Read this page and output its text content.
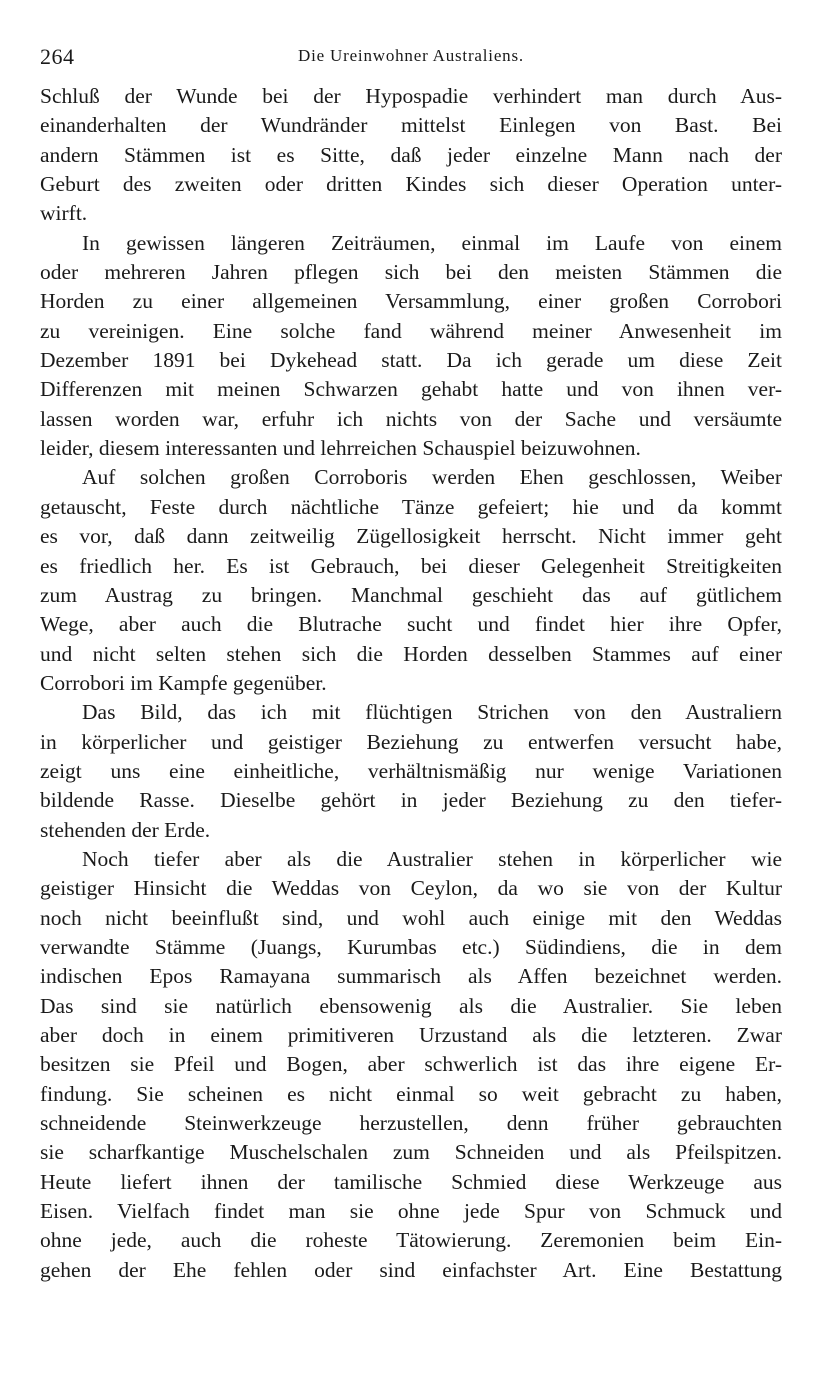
264	Die Ureinwohner Australiens.
Schluß der Wunde bei der Hypospadie verhindert man durch Aus-
einanderhalten der Wundränder mittelst Einlegen von Bast. Bei
andern Stämmen ist es Sitte, daß jeder einzelne Mann nach der
Geburt des zweiten oder dritten Kindes sich dieser Operation unter-
wirft.
In gewissen längeren Zeiträumen, einmal im Laufe von einem
oder mehreren Jahren pflegen sich bei den meisten Stämmen die
Horden zu einer allgemeinen Versammlung, einer großen Corrobori
zu vereinigen. Eine solche fand während meiner Anwesenheit im
Dezember 1891 bei Dykehead statt. Da ich gerade um diese Zeit
Differenzen mit meinen Schwarzen gehabt hatte und von ihnen ver-
lassen worden war, erfuhr ich nichts von der Sache und versäumte
leider, diesem interessanten und lehrreichen Schauspiel beizuwohnen.
Auf solchen großen Corroboris werden Ehen geschlossen, Weiber
getauscht, Feste durch nächtliche Tänze gefeiert; hie und da kommt
es vor, daß dann zeitweilig Zügellosigkeit herrscht. Nicht immer geht
es friedlich her. Es ist Gebrauch, bei dieser Gelegenheit Streitigkeiten
zum Austrag zu bringen. Manchmal geschieht das auf gütlichem
Wege, aber auch die Blutrache sucht und findet hier ihre Opfer,
und nicht selten stehen sich die Horden desselben Stammes auf einer
Corrobori im Kampfe gegenüber.
Das Bild, das ich mit flüchtigen Strichen von den Australiern
in körperlicher und geistiger Beziehung zu entwerfen versucht habe,
zeigt uns eine einheitliche, verhältnismäßig nur wenige Variationen
bildende Rasse. Dieselbe gehört in jeder Beziehung zu den tiefer-
stehenden der Erde.
Noch tiefer aber als die Australier stehen in körperlicher wie
geistiger Hinsicht die Weddas von Ceylon, da wo sie von der Kultur
noch nicht beeinflußt sind, und wohl auch einige mit den Weddas
verwandte Stämme (Juangs, Kurumbas etc.) Südindiens, die in dem
indischen Epos Ramayana summarisch als Affen bezeichnet werden.
Das sind sie natürlich ebensowenig als die Australier. Sie leben
aber doch in einem primitiveren Urzustand als die letzteren. Zwar
besitzen sie Pfeil und Bogen, aber schwerlich ist das ihre eigene Er-
findung. Sie scheinen es nicht einmal so weit gebracht zu haben,
schneidende Steinwerkzeuge herzustellen, denn früher gebrauchten
sie scharfkantige Muschelschalen zum Schneiden und als Pfeilspitzen.
Heute liefert ihnen der tamilische Schmied diese Werkzeuge aus
Eisen. Vielfach findet man sie ohne jede Spur von Schmuck und
ohne jede, auch die roheste Tätowierung. Zeremonien beim Ein-
gehen der Ehe fehlen oder sind einfachster Art. Eine Bestattung
